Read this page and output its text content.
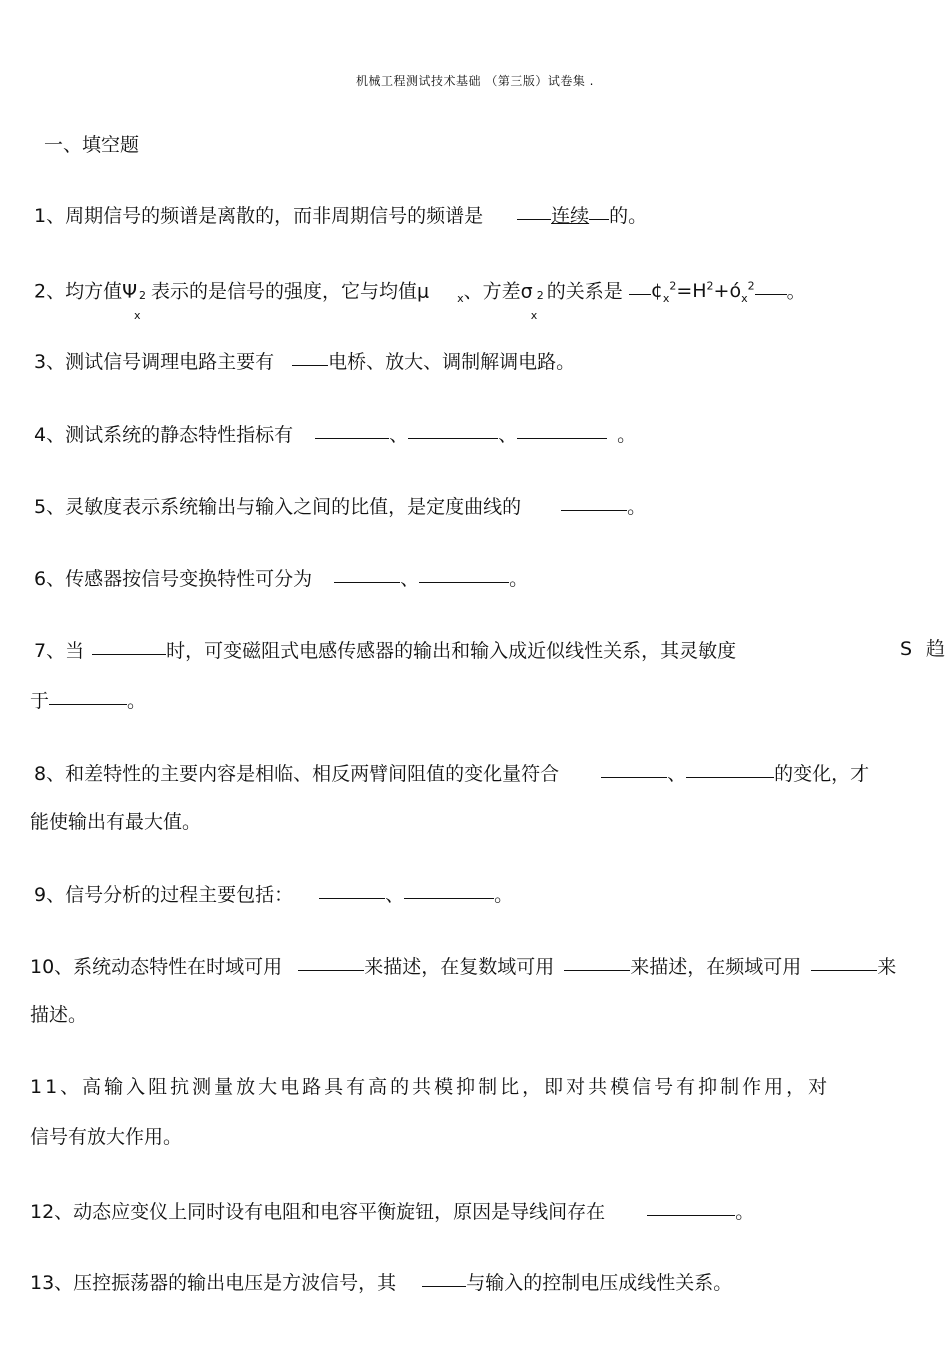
机械工程测试技术基础 （第三版）试卷集 .
一、填空题
1、周期信号的频谱是离散的，而非周期信号的频谱是	连续 的。
2、均方值Ψ 2
x
表示的是信号的强度，它与均值μ	$_x$、方差σ 2
x
的关系是 $¢_x^2=H^2+ó_x^2$ 。
3、测试信号调理电路主要有	电桥、放大、调制解调电路。
4、测试系统的静态特性指标有	、	、	。
5、灵敏度表示系统输出与输入之间的比值，是定度曲线的	。
6、传感器按信号变换特性可分为	、	。
7、当	时，可变磁阻式电感传感器的输出和输入成近似线性关系，其灵敏度	S 趋
于	。
8、和差特性的主要内容是相临、相反两臂间阻值的变化量符合	、	的变化，才
能使输出有最大值。
9、信号分析的过程主要包括：	、	。
10、系统动态特性在时域可用	来描述，在复数域可用	来描述，在频域可用	来
描述。
11、高输入阻抗测量放大电路具有高的共模抑制比，即对共模信号有抑制作用，对
信号有放大作用。
12、动态应变仪上同时设有电阻和电容平衡旋钮，原因是导线间存在	。
13、压控振荡器的输出电压是方波信号，其	与输入的控制电压成线性关系。
